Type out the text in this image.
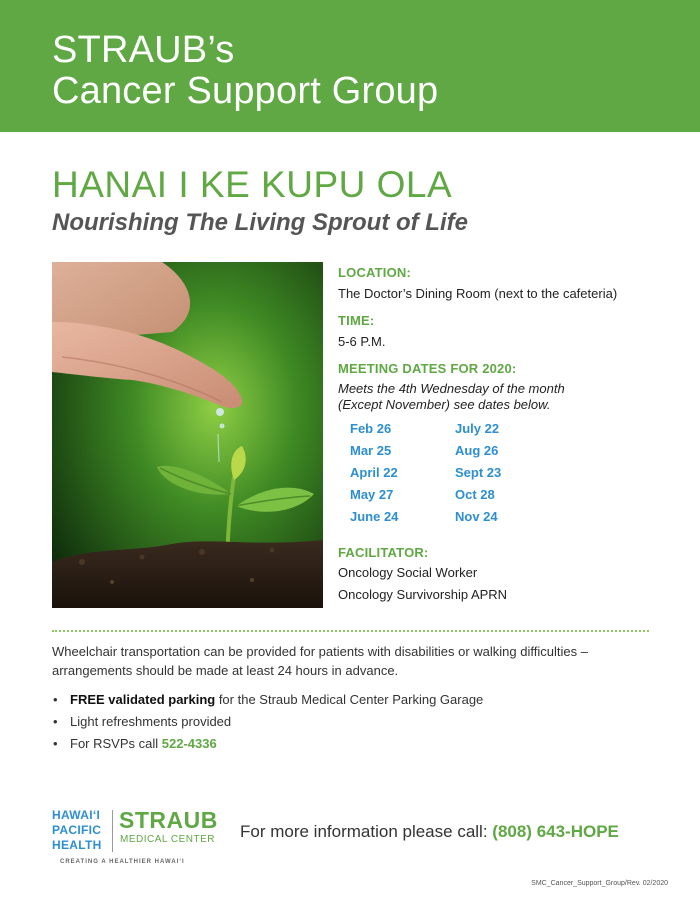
STRAUB’s
Cancer Support Group
HANAI I KE KUPU OLA
Nourishing The Living Sprout of Life
LOCATION:
The Doctor’s Dining Room (next to the cafeteria)
TIME:
5-6 P.M.
MEETING DATES FOR 2020:
Meets the 4th Wednesday of the month
(Except November) see dates below.
FACILITATOR:
Oncology Social Worker
Oncology Survivorship APRN
Feb 26
Mar 25
April 22
May 27
June 24
July 22
Aug 26
Sept 23
Oct 28
Nov 24
Wheelchair transportation can be provided for patients with disabilities or walking difficulties –
arrangements should be made at least 24 hours in advance.
• FREE validated parking for the Straub Medical Center Parking Garage
• Light refreshments provided
• For RSVPs call 522-4336
HAWAI‘I
PACIFIC
HEALTH
STRAUB
MEDICAL CENTER
CREATING A HEALTHIER HAWAI‘I
For more information please call: (808) 643-HOPE
SMC_Cancer_Support_Group/Rev. 02/2020
